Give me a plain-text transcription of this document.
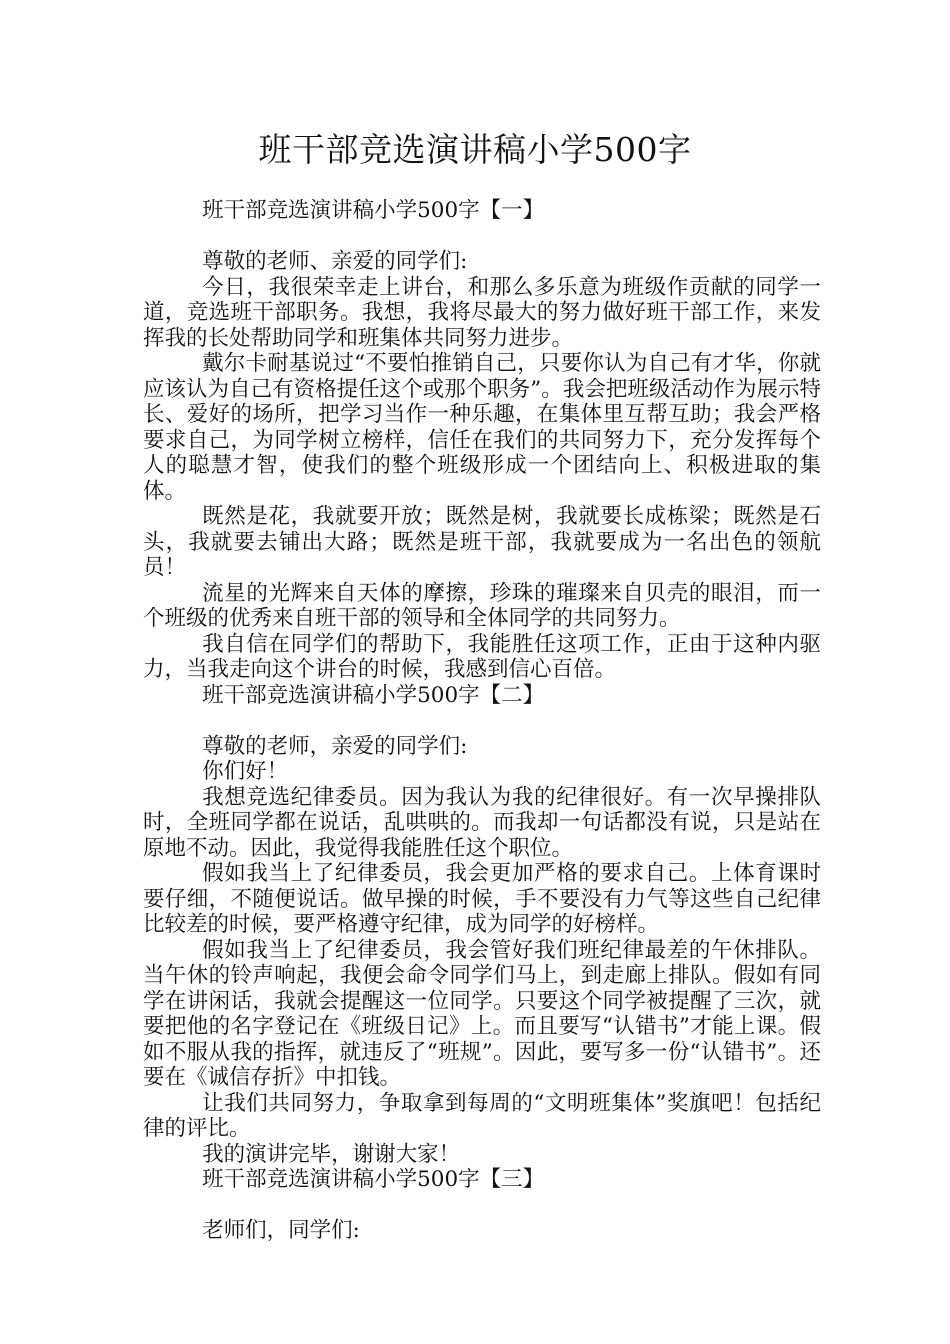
班干部竞选演讲稿小学500字

班干部竞选演讲稿小学500字【一】

尊敬的老师、亲爱的同学们:

今日，我很荣幸走上讲台，和那么多乐意为班级作贡献的同学一道，竞选班干部职务。我想，我将尽最大的努力做好班干部工作，来发挥我的长处帮助同学和班集体共同努力进步。

戴尔卡耐基说过“不要怕推销自己，只要你认为自己有才华，你就应该认为自己有资格提任这个或那个职务”。我会把班级活动作为展示特长、爱好的场所，把学习当作一种乐趣，在集体里互帮互助；我会严格要求自己，为同学树立榜样，信任在我们的共同努力下，充分发挥每个人的聪慧才智，使我们的整个班级形成一个团结向上、积极进取的集体。

既然是花，我就要开放；既然是树，我就要长成栋梁；既然是石头，我就要去铺出大路；既然是班干部，我就要成为一名出色的领航员！

流星的光辉来自天体的摩擦，珍珠的璀璨来自贝壳的眼泪，而一个班级的优秀来自班干部的领导和全体同学的共同努力。

我自信在同学们的帮助下，我能胜任这项工作，正由于这种内驱力，当我走向这个讲台的时候，我感到信心百倍。

班干部竞选演讲稿小学500字【二】

尊敬的老师，亲爱的同学们:

你们好！

我想竞选纪律委员。因为我认为我的纪律很好。有一次早操排队时，全班同学都在说话，乱哄哄的。而我却一句话都没有说，只是站在原地不动。因此，我觉得我能胜任这个职位。

假如我当上了纪律委员，我会更加严格的要求自己。上体育课时要仔细，不随便说话。做早操的时候，手不要没有力气等这些自己纪律比较差的时候，要严格遵守纪律，成为同学的好榜样。

假如我当上了纪律委员，我会管好我们班纪律最差的午休排队。当午休的铃声响起，我便会命令同学们马上，到走廊上排队。假如有同学在讲闲话，我就会提醒这一位同学。只要这个同学被提醒了三次，就要把他的名字登记在《班级日记》上。而且要写“认错书”才能上课。假如不服从我的指挥，就违反了“班规”。因此，要写多一份“认错书”。还要在《诚信存折》中扣钱。

让我们共同努力，争取拿到每周的“文明班集体”奖旗吧！包括纪律的评比。

我的演讲完毕，谢谢大家！

班干部竞选演讲稿小学500字【三】

老师们，同学们:
